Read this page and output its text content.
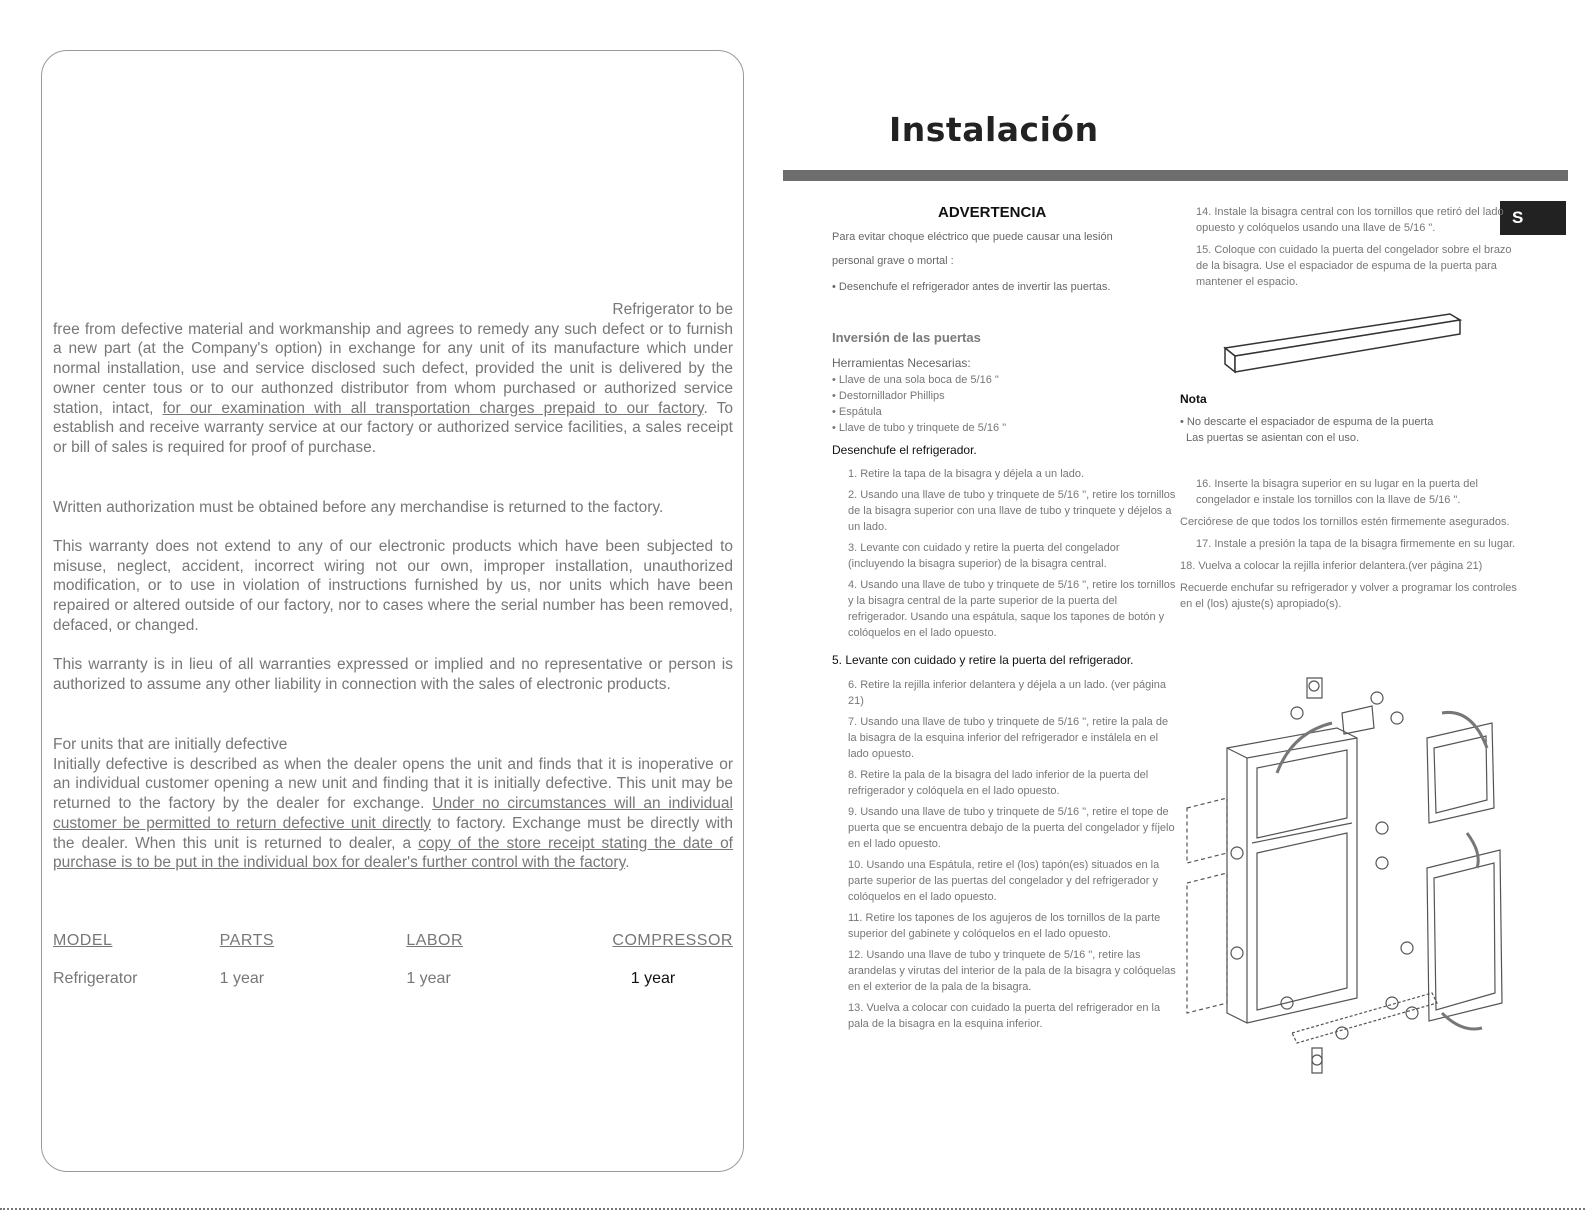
Refrigerator to be

free from defective material and workmanship and agrees to remedy any such defect or to furnish a new part (at the Company's option) in exchange for any unit of its manufacture which under normal installation, use and service disclosed such defect, provided the unit is delivered by the owner center tous or to our authonzed distributor from whom purchased or authorized service station, intact, for our examination with all transportation charges prepaid to our factory. To establish and receive warranty service at our factory or authorized service facilities, a sales receipt or bill of sales is required for proof of purchase.

Written authorization must be obtained before any merchandise is returned to the factory.

This warranty does not extend to any of our electronic products which have been subjected to misuse, neglect, accident, incorrect wiring not our own, improper installation, unauthorized modification, or to use in violation of instructions furnished by us, nor units which have been repaired or altered outside of our factory, nor to cases where the serial number has been removed, defaced, or changed.

This warranty is in lieu of all warranties expressed or implied and no representative or person is authorized to assume any other liability in connection with the sales of electronic products.

For units that are initially defective

Initially defective is described as when the dealer opens the unit and finds that it is inoperative or an individual customer opening a new unit and finding that it is initially defective. This unit may be returned to the factory by the dealer for exchange. Under no circumstances will an individual customer be permitted to return defective unit directly to factory. Exchange must be directly with the dealer. When this unit is returned to dealer, a copy of the store receipt stating the date of purchase is to be put in the individual box for dealer's further control with the factory.

MODEL	PARTS	LABOR	COMPRESSOR
Refrigerator	1 year	1 year	1 year
Instalación
S
ADVERTENCIA
Para evitar choque eléctrico que puede causar una lesión
personal grave o mortal :
• Desenchufe el refrigerador antes de invertir las puertas.
Inversión de las puertas
Herramientas Necesarias:
• Llave de una sola boca de 5/16 "
• Destornillador Phillips
• Espátula
• Llave de tubo y trinquete de 5/16 "
Desenchufe el refrigerador.

1. Retire la tapa de la bisagra y déjela a un lado.

2. Usando una llave de tubo y trinquete de 5/16 ", retire los tornillos de la bisagra superior con una llave de tubo y trinquete y déjelos a un lado.

3. Levante con cuidado y retire la puerta del congelador (incluyendo la bisagra superior) de la bisagra central.

4. Usando una llave de tubo y trinquete de 5/16 ", retire los tornillos y la bisagra central de la parte superior de la puerta del refrigerador. Usando una espátula, saque los tapones de botón y colóquelos en el lado opuesto.

5. Levante con cuidado y retire la puerta del refrigerador.

6. Retire la rejilla inferior delantera y déjela a un lado. (ver página 21)

7. Usando una llave de tubo y trinquete de 5/16 ", retire la pala de la bisagra de la esquina inferior del refrigerador e instálela en el lado opuesto.

8. Retire la pala de la bisagra del lado inferior de la puerta del refrigerador y colóquela en el lado opuesto.

9. Usando una llave de tubo y trinquete de 5/16 ", retire el tope de puerta que se encuentra debajo de la puerta del congelador y fíjelo en el lado opuesto.

10. Usando una Espátula, retire el (los) tapón(es) situados en la parte superior de las puertas del congelador y del refrigerador y colóquelos en el lado opuesto.

11. Retire los tapones de los agujeros de los tornillos de la parte superior del gabinete y colóquelos en el lado opuesto.

12. Usando una llave de tubo y trinquete de 5/16 ", retire las arandelas y virutas del interior de la pala de la bisagra y colóquelas en el exterior de la pala de la bisagra.

13. Vuelva a colocar con cuidado la puerta del refrigerador en la pala de la bisagra en la esquina inferior.

14. Instale la bisagra central con los tornillos que retiró del lado opuesto y colóquelos usando una llave de 5/16 ".

15. Coloque con cuidado la puerta del congelador sobre el brazo de la bisagra. Use el espaciador de espuma de la puerta para mantener el espacio.

Nota
• No descarte el espaciador de espuma de la puerta
Las puertas se asientan con el uso.

16. Inserte la bisagra superior en su lugar en la puerta del congelador e instale los tornillos con la llave de 5/16 ".

Cerciórese de que todos los tornillos estén firmemente asegurados.

17. Instale a presión la tapa de la bisagra firmemente en su lugar.

18. Vuelva a colocar la rejilla inferior delantera.(ver página 21)

Recuerde enchufar su refrigerador y volver a programar los controles en el (los) ajuste(s) apropiado(s).
